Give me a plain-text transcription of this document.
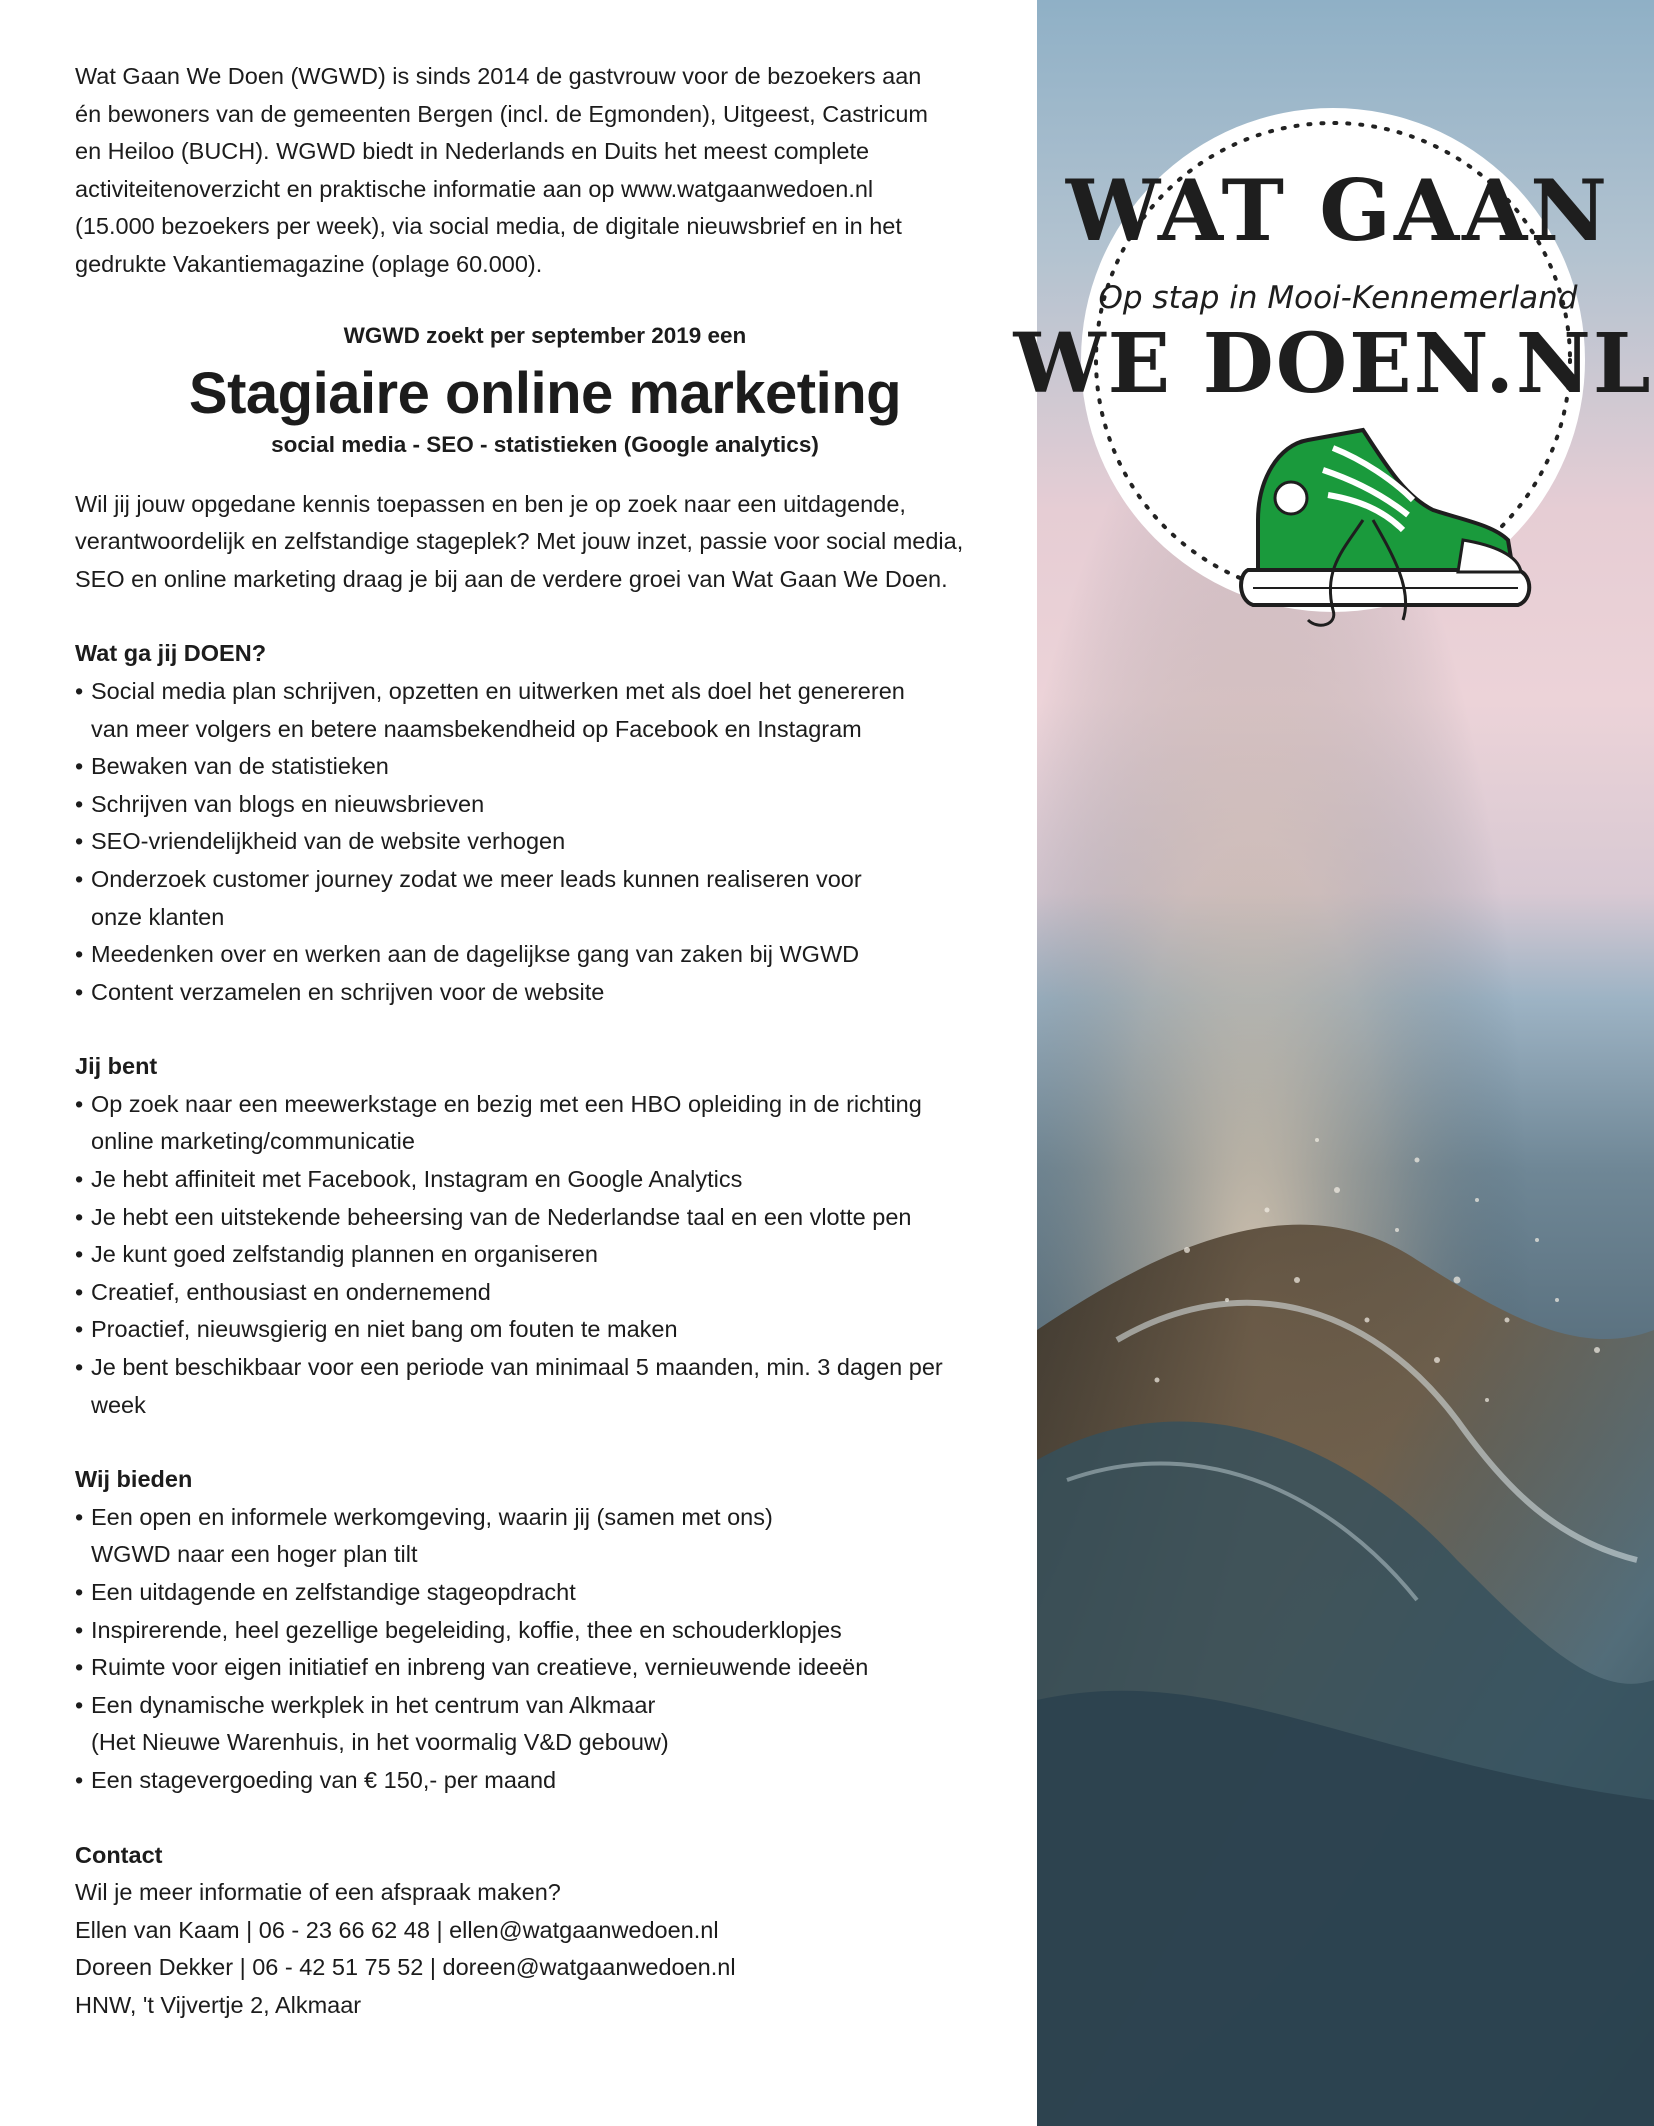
Wat Gaan We Doen (WGWD) is sinds 2014 de gastvrouw voor de bezoekers aan
én bewoners van de gemeenten Bergen (incl. de Egmonden), Uitgeest, Castricum
en Heiloo (BUCH). WGWD biedt in Nederlands en Duits het meest complete
activiteitenoverzicht en praktische informatie aan op www.watgaanwedoen.nl
(15.000 bezoekers per week), via social media, de digitale nieuwsbrief en in het
gedrukte Vakantiemagazine (oplage 60.000).

WGWD zoekt per september 2019 een
Stagiaire online marketing
social media - SEO - statistieken (Google analytics)

Wil jij jouw opgedane kennis toepassen en ben je op zoek naar een uitdagende,
verantwoordelijk en zelfstandige stageplek? Met jouw inzet, passie voor social media,
SEO en online marketing draag je bij aan de verdere groei van Wat Gaan We Doen.

Wat ga jij DOEN?
• Social media plan schrijven, opzetten en uitwerken met als doel het genereren
van meer volgers en betere naamsbekendheid op Facebook en Instagram
• Bewaken van de statistieken
• Schrijven van blogs en nieuwsbrieven
• SEO-vriendelijkheid van de website verhogen
• Onderzoek customer journey zodat we meer leads kunnen realiseren voor
onze klanten
• Meedenken over en werken aan de dagelijkse gang van zaken bij WGWD
• Content verzamelen en schrijven voor de website
Jij bent
• Op zoek naar een meewerkstage en bezig met een HBO opleiding in de richting
online marketing/communicatie
• Je hebt affiniteit met Facebook, Instagram en Google Analytics
• Je hebt een uitstekende beheersing van de Nederlandse taal en een vlotte pen
• Je kunt goed zelfstandig plannen en organiseren
• Creatief, enthousiast en ondernemend
• Proactief, nieuwsgierig en niet bang om fouten te maken
• Je bent beschikbaar voor een periode van minimaal 5 maanden, min. 3 dagen per
week
Wij bieden
• Een open en informele werkomgeving, waarin jij (samen met ons)
WGWD naar een hoger plan tilt
• Een uitdagende en zelfstandige stageopdracht
• Inspirerende, heel gezellige begeleiding, koffie, thee en schouderklopjes
• Ruimte voor eigen initiatief en inbreng van creatieve, vernieuwende ideeën
• Een dynamische werkplek in het centrum van Alkmaar
(Het Nieuwe Warenhuis, in het voormalig V&D gebouw)
• Een stagevergoeding van € 150,- per maand
Contact
Wil je meer informatie of een afspraak maken?
Ellen van Kaam | 06 - 23 66 62 48 | ellen@watgaanwedoen.nl
Doreen Dekker | 06 - 42 51 75 52 | doreen@watgaanwedoen.nl
HNW, 't Vijvertje 2, Alkmaar
WAT GAAN
Op stap in Mooi-Kennemerland
WE DOEN.NL
